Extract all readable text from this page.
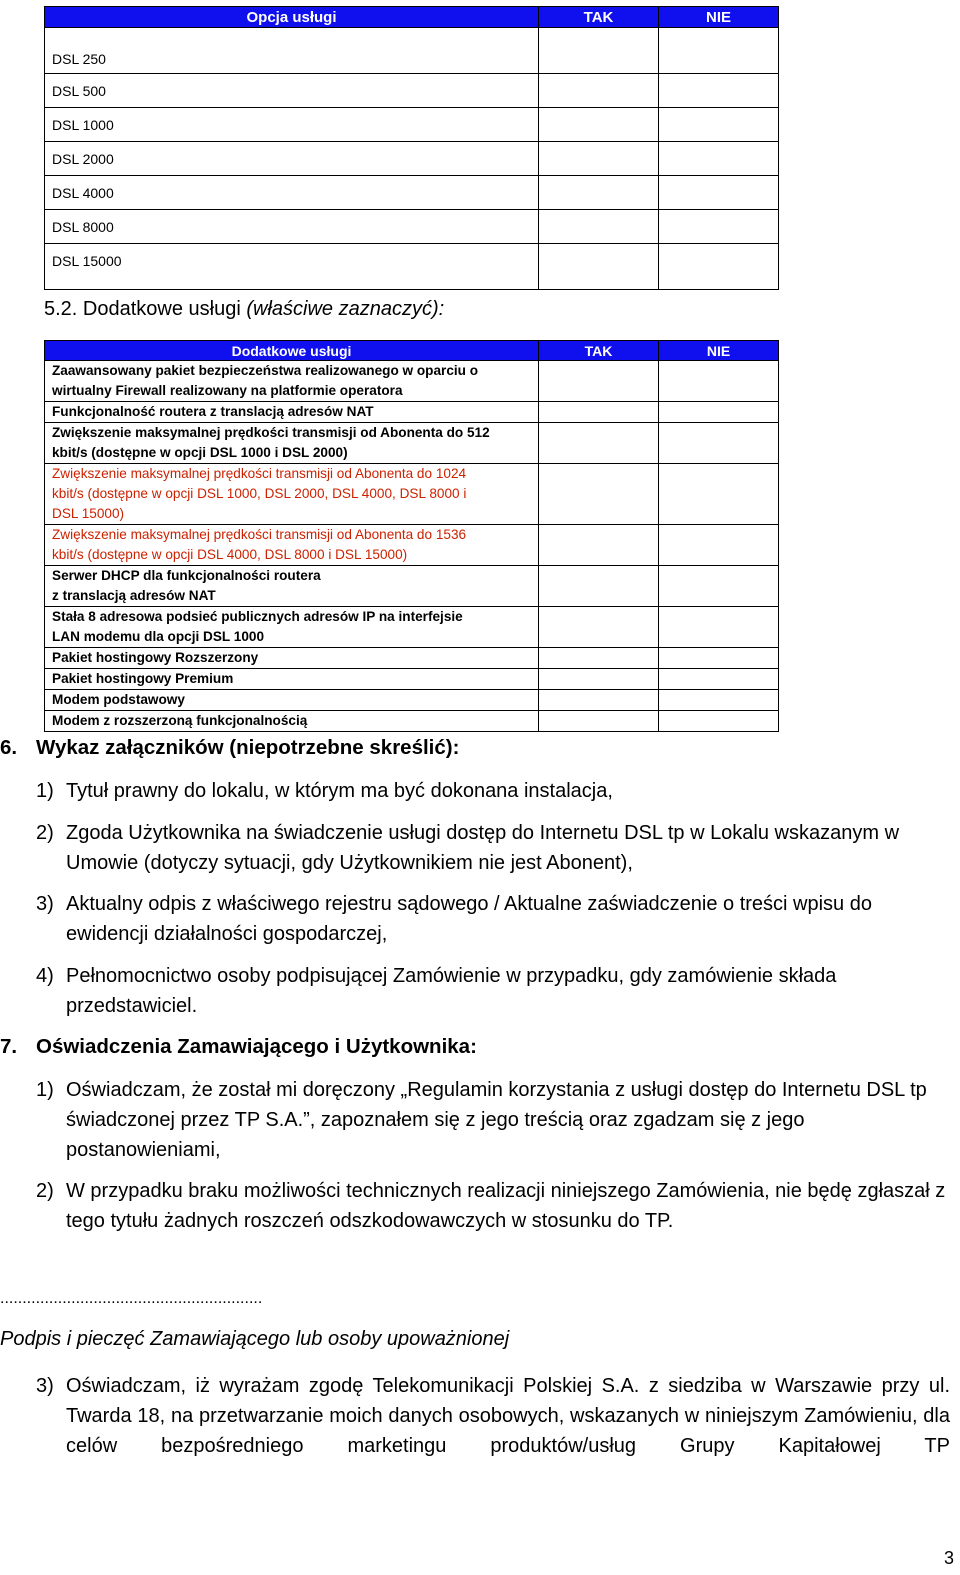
Opcja usługi	TAK	NIE
DSL 250		
DSL 500		
DSL 1000		
DSL 2000		
DSL 4000		
DSL 8000		
DSL 15000		
5.2. Dodatkowe usługi (właściwe zaznaczyć):
Dodatkowe usługi	TAK	NIE

Zaawansowany pakiet bezpieczeństwa realizowanego w oparciu o
wirtualny Firewall realizowany na platformie operatora		

Funkcjonalność routera z translacją adresów NAT		

Zwiększenie maksymalnej prędkości transmisji od Abonenta do 512
kbit/s (dostępne w opcji DSL 1000 i DSL 2000)		

Zwiększenie maksymalnej prędkości transmisji od Abonenta do 1024
kbit/s (dostępne w opcji DSL 1000, DSL 2000, DSL 4000, DSL 8000 i
DSL 15000)		

Zwiększenie maksymalnej prędkości transmisji od Abonenta do 1536
kbit/s (dostępne w opcji DSL 4000, DSL 8000 i DSL 15000)		

Serwer DHCP dla funkcjonalności routera
z translacją adresów NAT		

Stała 8 adresowa podsieć publicznych adresów IP na interfejsie
LAN modemu dla opcji DSL 1000		

Pakiet hostingowy Rozszerzony		

Pakiet hostingowy Premium		

Modem podstawowy		

Modem z rozszerzoną funkcjonalnością		

6. Wykaz załączników (niepotrzebne skreślić):
1) Tytuł prawny do lokalu, w którym ma być dokonana instalacja,
2) Zgoda Użytkownika na świadczenie usługi dostęp do Internetu DSL tp w Lokalu wskazanym w Umowie (dotyczy sytuacji, gdy Użytkownikiem nie jest Abonent),
3) Aktualny odpis z właściwego rejestru sądowego / Aktualne zaświadczenie o treści wpisu do ewidencji działalności gospodarczej,
4) Pełnomocnictwo osoby podpisującej Zamówienie w przypadku, gdy zamówienie składa przedstawiciel.
7. Oświadczenia Zamawiającego i Użytkownika:
1) Oświadczam, że został mi doręczony „Regulamin korzystania z usługi dostęp do Internetu DSL tp świadczonej przez TP S.A.”, zapoznałem się z jego treścią oraz zgadzam się z jego postanowieniami,
2) W przypadku braku możliwości technicznych realizacji niniejszego Zamówienia, nie będę zgłaszał z tego tytułu żadnych roszczeń odszkodowawczych w stosunku do TP.
...........................................................
Podpis i pieczęć Zamawiającego lub osoby upoważnionej
3) Oświadczam, iż wyrażam zgodę Telekomunikacji Polskiej S.A. z siedziba w Warszawie przy ul. Twarda 18, na przetwarzanie moich danych osobowych, wskazanych w niniejszym Zamówieniu, dla celów bezpośredniego marketingu produktów/usług Grupy Kapitałowej TP
3
